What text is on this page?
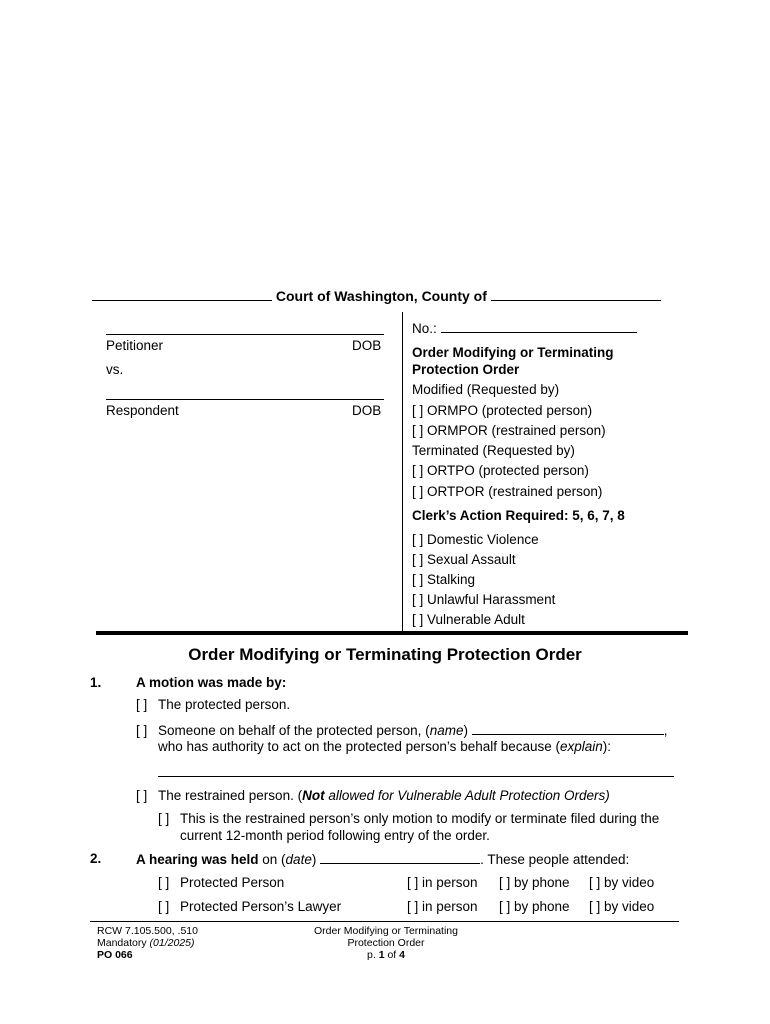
Court of Washington, County of
Petitioner	DOB
vs.
Respondent	DOB
No.:
Order Modifying or Terminating
Protection Order
Modified (Requested by)
[ ] ORMPO (protected person)
[ ] ORMPOR (restrained person)
Terminated (Requested by)
[ ] ORTPO (protected person)
[ ] ORTPOR (restrained person)
Clerk’s Action Required: 5, 6, 7, 8
[ ] Domestic Violence
[ ] Sexual Assault
[ ] Stalking
[ ] Unlawful Harassment
[ ] Vulnerable Adult
Order Modifying or Terminating Protection Order
1.	A motion was made by:
[ ] The protected person.
[ ] Someone on behalf of the protected person, (name)	,
who has authority to act on the protected person’s behalf because (explain):
[ ] The restrained person. (Not allowed for Vulnerable Adult Protection Orders)
[ ] This is the restrained person’s only motion to modify or terminate filed during the
current 12-month period following entry of the order.
2.	A hearing was held on (date)	. These people attended:
[ ] Protected Person	[ ] in person [ ] by phone [ ] by video
[ ] Protected Person’s Lawyer	[ ] in person [ ] by phone [ ] by video
RCW 7.105.500, .510
Mandatory (01/2025)
PO 066
Order Modifying or Terminating
Protection Order
p. 1 of 4
